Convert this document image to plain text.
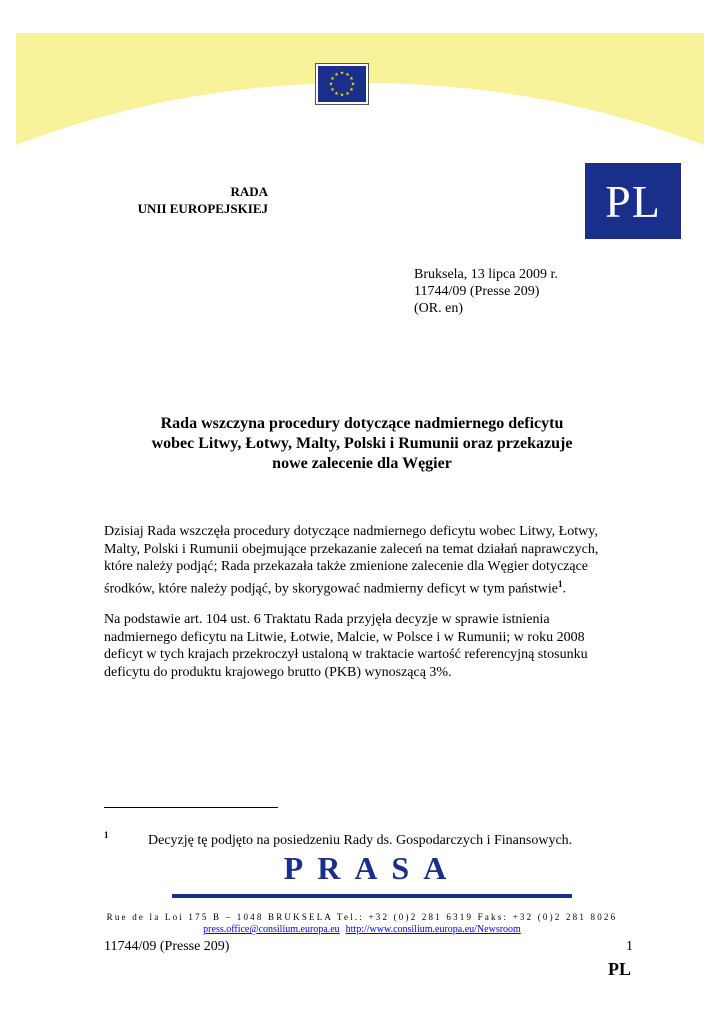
★ ★
★
★
★
★
★
★
★
★
★
★
PL
RADA
UNII EUROPEJSKIEJ
Bruksela, 13 lipca 2009 r.
11744/09 (Presse 209)
(OR. en)
Rada wszczyna procedury dotyczące nadmiernego deficytu
wobec Litwy, Łotwy, Malty, Polski i Rumunii oraz przekazuje
nowe zalecenie dla Węgier
Dzisiaj Rada wszczęła procedury dotyczące nadmiernego deficytu wobec Litwy, Łotwy,
Malty, Polski i Rumunii obejmujące przekazanie zaleceń na temat działań naprawczych,
które należy podjąć; Rada przekazała także zmienione zalecenie dla Węgier dotyczące
środków, które należy podjąć, by skorygować nadmierny deficyt w tym państwie$^1$.
Na podstawie art. 104 ust. 6 Traktatu Rada przyjęła decyzje w sprawie istnienia
nadmiernego deficytu na Litwie, Łotwie, Malcie, w Polsce i w Rumunii; w roku 2008
deficyt w tych krajach przekroczył ustaloną w traktacie wartość referencyjną stosunku
deficytu do produktu krajowego brutto (PKB) wynoszącą 3%.
1	Decyzję tę podjęto na posiedzeniu Rady ds. Gospodarczych i Finansowych.
PRASA
Rue de la Loi 175 B – 1048 BRUKSELA Tel.: +32 (0)2 281 6319 Faks: +32 (0)2 281 8026
press.office@consilium.europa.eu http://www.consilium.europa.eu/Newsroom
11744/09 (Presse 209)	1
PL
